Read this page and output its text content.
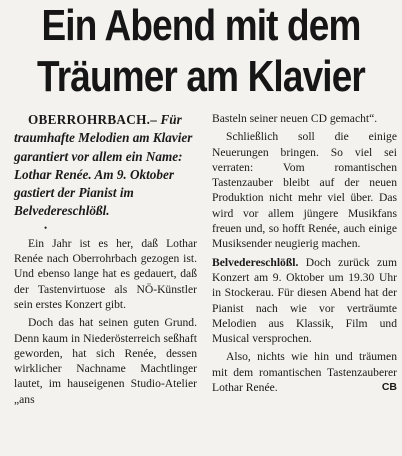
Ein Abend mit dem
Träumer am Klavier

OBERROHRBACH.– Für traumhafte Melodien am Klavier garantiert vor allem ein Name: Lothar Renée. Am 9. Oktober gastiert der Pianist im Belvedereschlößl.

•

Ein Jahr ist es her, daß Lothar Renée nach Oberrohrbach gezogen ist. Und ebenso lange hat es gedauert, daß der Tastenvirtuose als NÖ-Künstler sein erstes Konzert gibt.

Doch das hat seinen guten Grund. Denn kaum in Niederösterreich seßhaft geworden, hat sich Renée, dessen wirklicher Nachname Machtlinger lautet, im hauseigenen Studio-Atelier „ans

Basteln seiner neuen CD gemacht“.

Schließlich soll die einige Neuerungen bringen. So viel sei verraten: Vom romantischen Tastenzauber bleibt auf der neuen Produktion nicht mehr viel über. Das wird vor allem jüngere Musikfans freuen und, so hofft Renée, auch einige Musiksender neugierig machen.

Belvedereschlößl. Doch zurück zum Konzert am 9. Oktober um 19.30 Uhr in Stockerau. Für diesen Abend hat der Pianist nach wie vor verträumte Melodien aus Klassik, Film und Musical versprochen.

Also, nichts wie hin und träumen mit dem romantischen Tastenzauberer Lothar Renée.	CB
